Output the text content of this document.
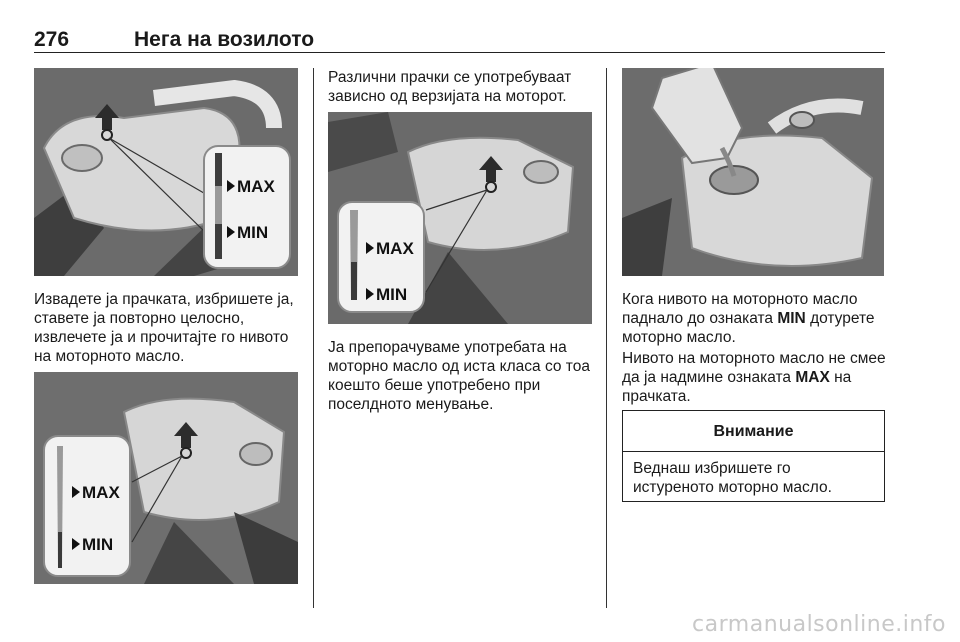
276	Нега на возилото
MAX
MIN

Извадете ја прачката, избришете ја, ставете ја повторно целосно, извлечете ја и прочитајте го нивото на моторното масло.

MAX
MIN

Различни прачки се употребуваат зависно од верзијата на моторот.

MAX
MIN

Ја препорачуваме употребата на моторно масло од иста класа со тоа коешто беше употребено при поселдното менување.

Кога нивото на моторното масло паднало до ознаката MIN дотурете моторно масло.

Нивото на моторното масло не смее да ја надмине ознаката MAX на прачката.

Внимание
Веднаш избришете го истуреното моторно масло.
carmanualsonline.info
